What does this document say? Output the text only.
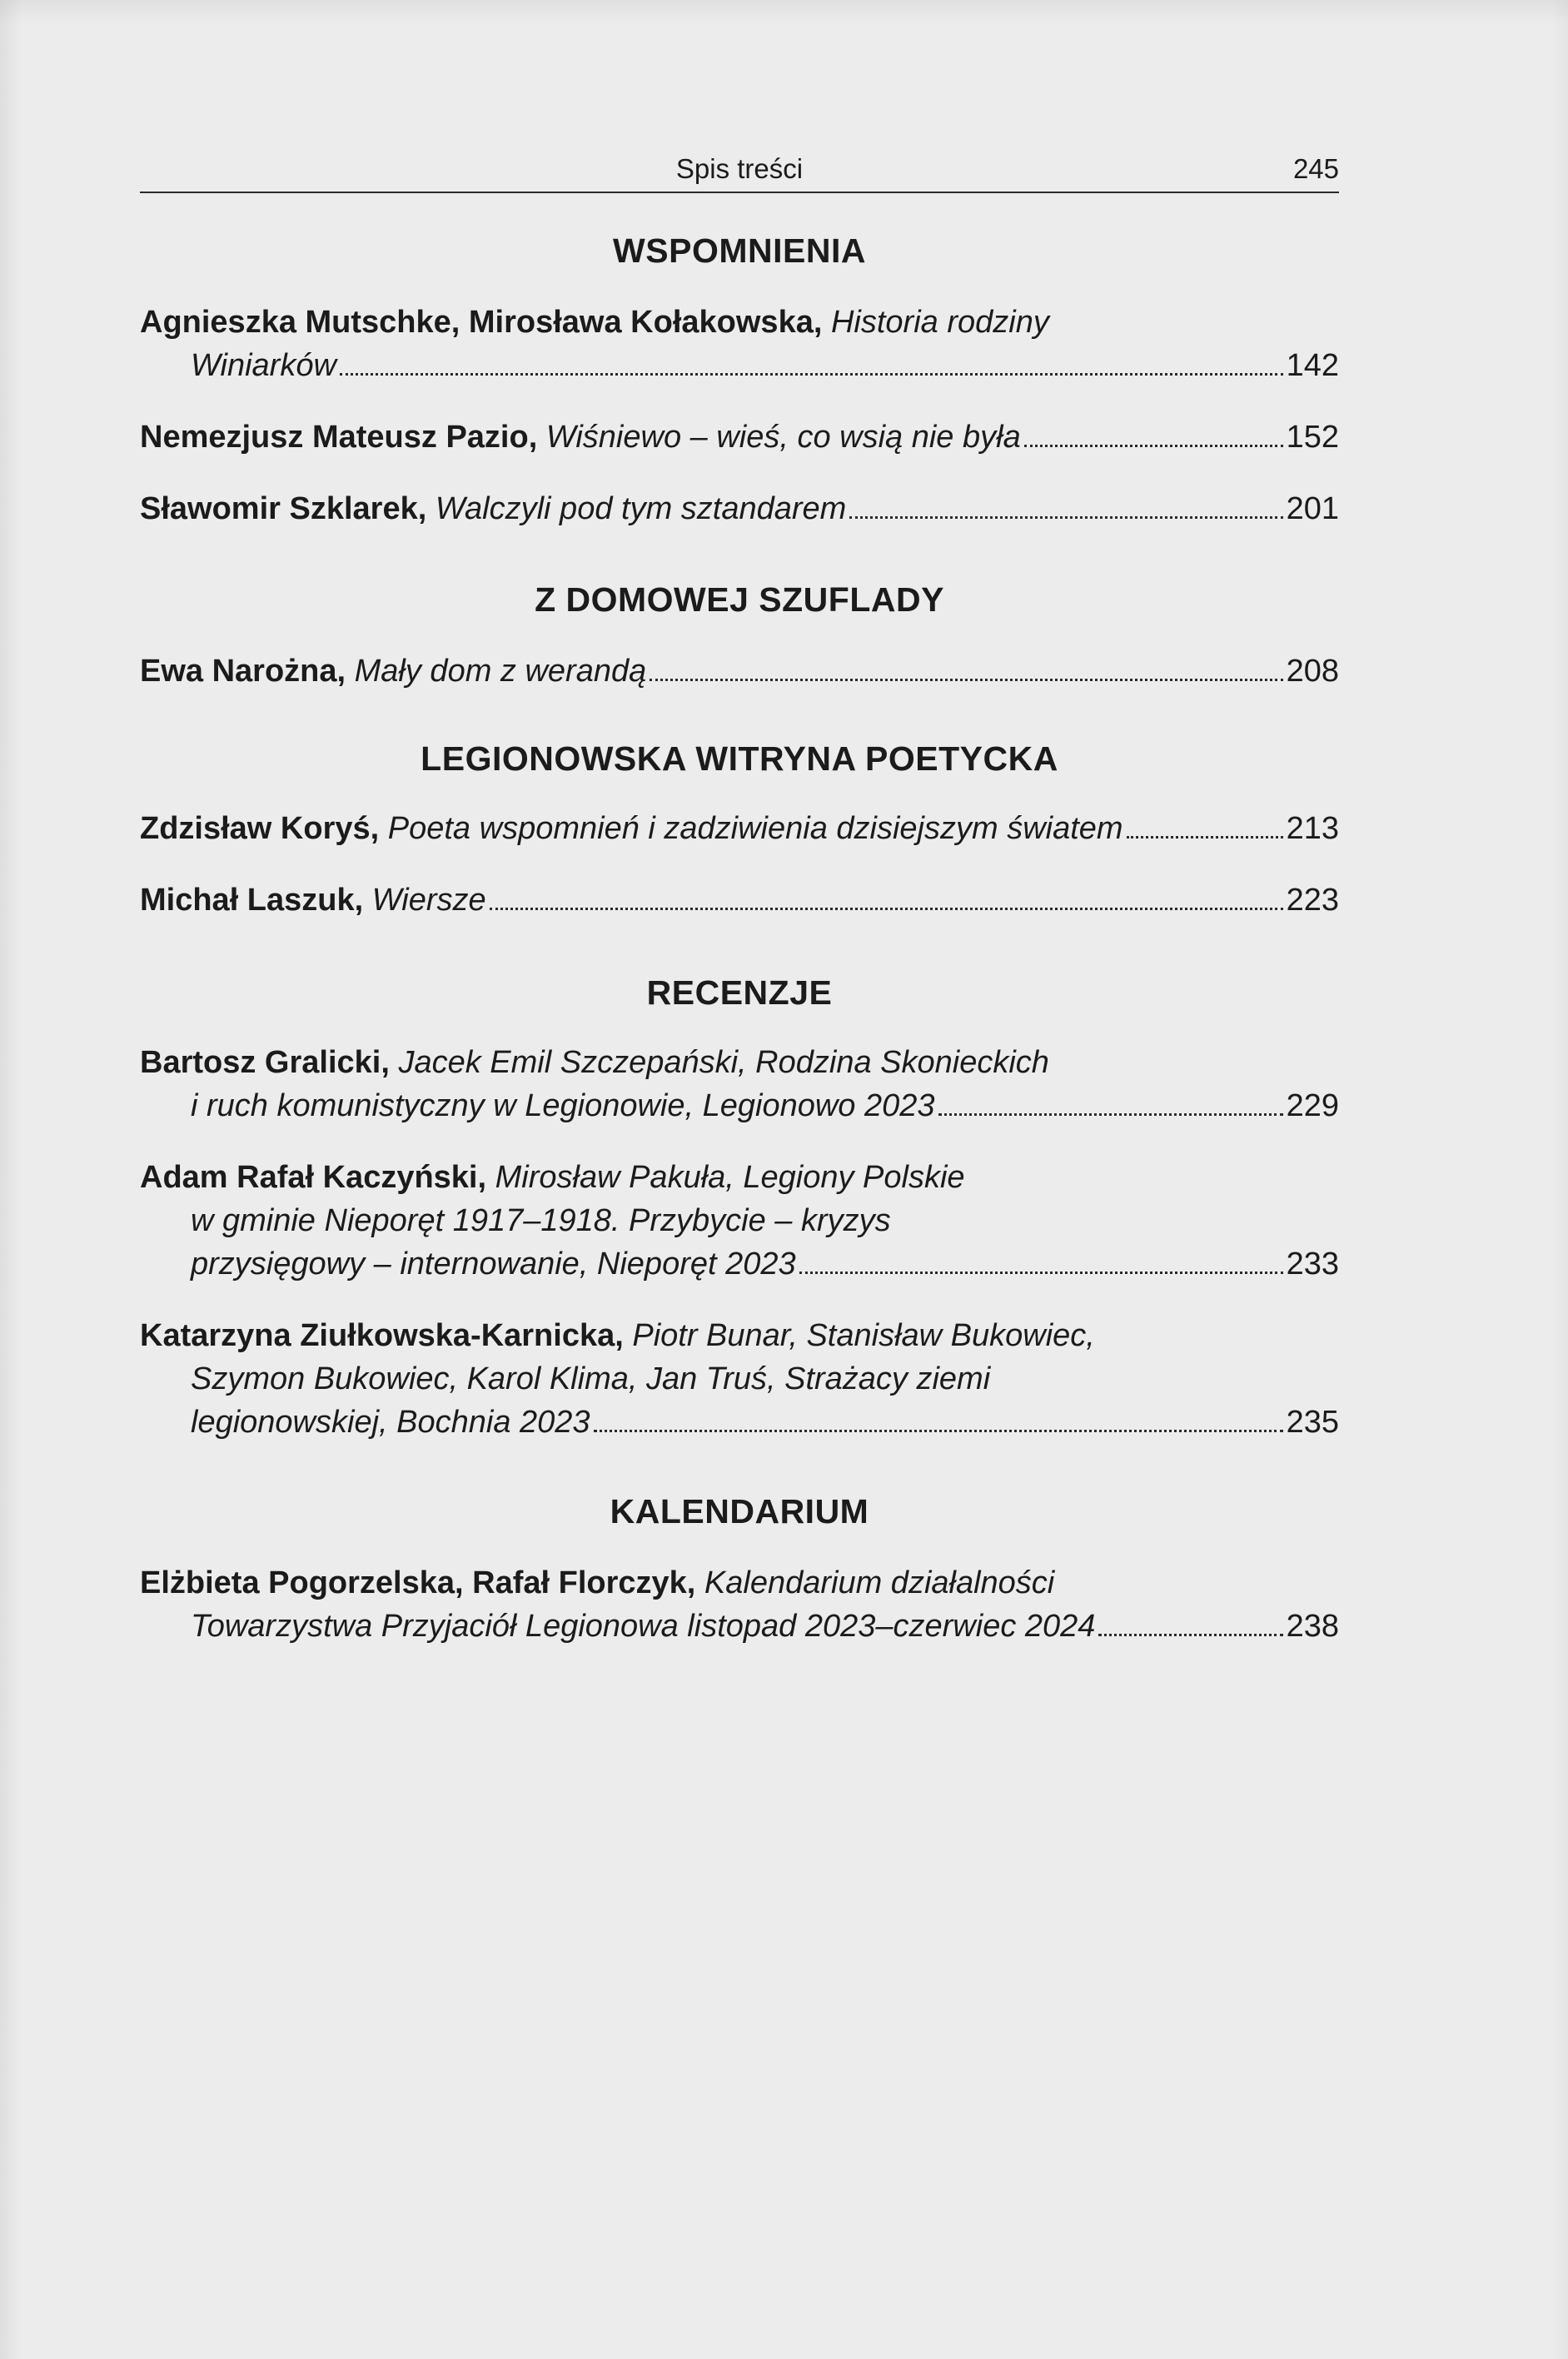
Spis treści	245
WSPOMNIENIA
Agnieszka Mutschke, Mirosława Kołakowska,
Historia rodziny
Winiarków	142
Nemezjusz Mateusz Pazio,
Wiśniewo – wieś, co wsią nie była	152
Sławomir Szklarek,
Walczyli pod tym sztandarem	201
Z DOMOWEJ SZUFLADY
Ewa Narożna,
Mały dom z werandą	208
LEGIONOWSKA WITRYNA POETYCKA
Zdzisław Koryś,
Poeta wspomnień i zadziwienia dzisiejszym światem	213
Michał Laszuk,
Wiersze	223
RECENZJE
Bartosz Gralicki,
Jacek Emil Szczepański, Rodzina Skonieckich
i ruch komunistyczny w Legionowie, Legionowo 2023	229
Adam Rafał Kaczyński,
Mirosław Pakuła, Legiony Polskie
w gminie Nieporęt 1917–1918. Przybycie – kryzys
przysięgowy – internowanie, Nieporęt 2023	233
Katarzyna Ziułkowska-Karnicka,
Piotr Bunar, Stanisław Bukowiec,
Szymon Bukowiec, Karol Klima, Jan Truś, Strażacy ziemi
legionowskiej, Bochnia 2023	235
KALENDARIUM
Elżbieta Pogorzelska, Rafał Florczyk,
Kalendarium działalności
Towarzystwa Przyjaciół Legionowa listopad 2023–czerwiec 2024	238
